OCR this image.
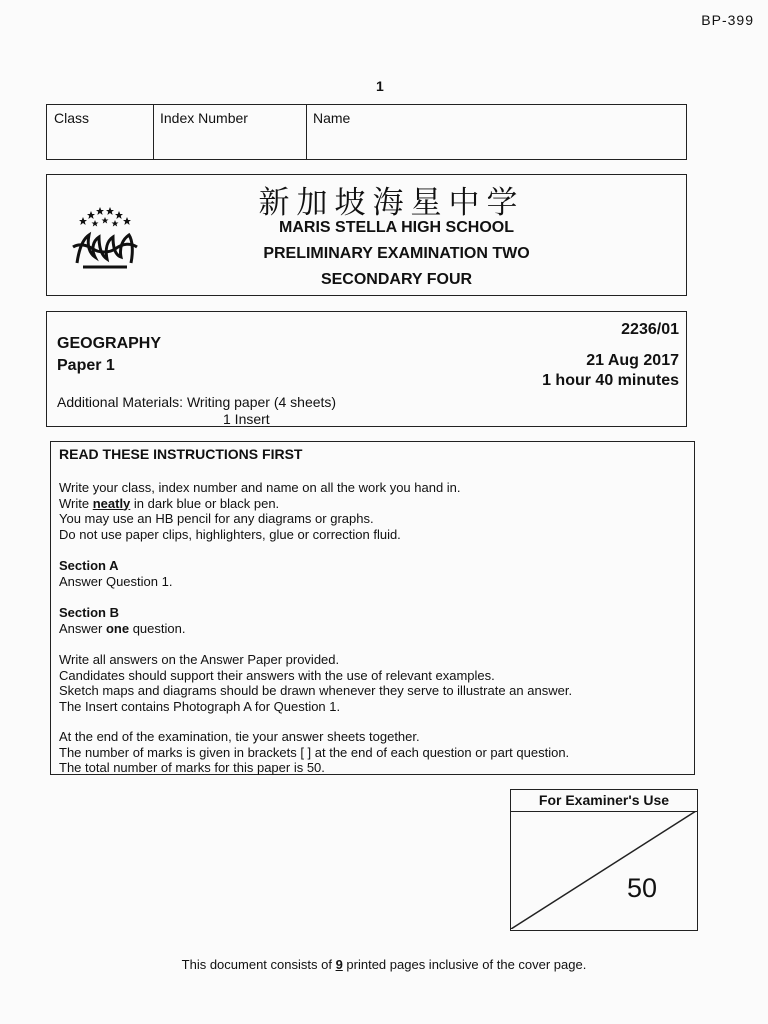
BP-399
1
Class	Index Number	Name
新加坡海星中学
MARIS STELLA HIGH SCHOOL
PRELIMINARY EXAMINATION TWO
SECONDARY FOUR
GEOGRAPHY
Paper 1
2236/01
21 Aug 2017
1 hour 40 minutes
Additional Materials: Writing paper (4 sheets)
1 Insert
READ THESE INSTRUCTIONS FIRST
Write your class, index number and name on all the work you hand in.
Write neatly in dark blue or black pen.
You may use an HB pencil for any diagrams or graphs.
Do not use paper clips, highlighters, glue or correction fluid.
Section A
Answer Question 1.
Section B
Answer one question.
Write all answers on the Answer Paper provided.
Candidates should support their answers with the use of relevant examples.
Sketch maps and diagrams should be drawn whenever they serve to illustrate an answer.
The Insert contains Photograph A for Question 1.
At the end of the examination, tie your answer sheets together.
The number of marks is given in brackets [ ] at the end of each question or part question.
The total number of marks for this paper is 50.
For Examiner's Use
50
This document consists of 9 printed pages inclusive of the cover page.
